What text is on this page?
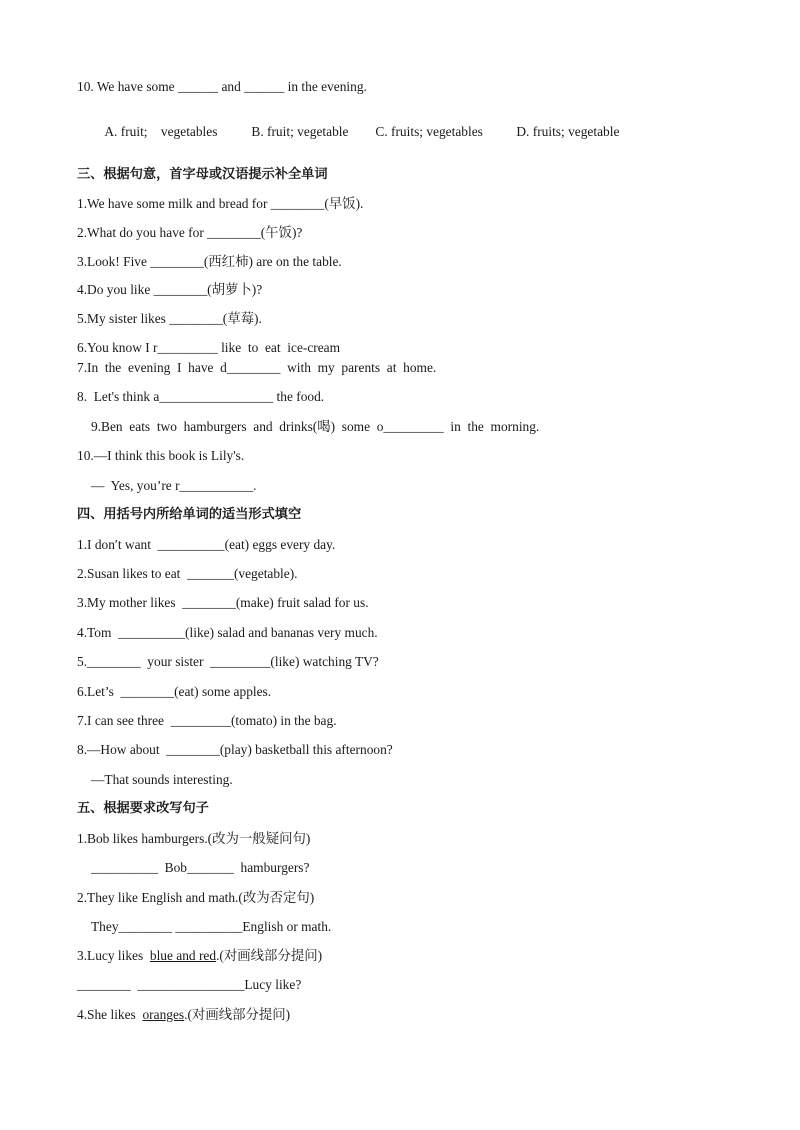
10. We have some ______ and ______ in the evening.

A. fruit;    vegetables	B. fruit; vegetable C. fruits; vegetables	D. fruits; vegetable

三、根据句意，首字母或汉语提示补全单词
1.We have some milk and bread for ________(早饭).
2.What do you have for ________(午饭)?
3.Look! Five ________(西红柿) are on the table.
4.Do you like ________(胡萝卜)?
5.My sister likes ________(草莓).
6.You know I r_________ like  to  eat  ice-cream
7.In  the  evening  I  have  d________  with  my  parents  at  home.
8.  Let's think a_________________ the food.
9.Ben  eats  two  hamburgers  and  drinks(喝)  some  o_________  in  the  morning.
10.—I think this book is Lily's.
—  Yes, you’re r___________.
四、用括号内所给单词的适当形式填空
1.I don′t want  __________(eat) eggs every day.
2.Susan likes to eat  _______(vegetable).
3.My mother likes  ________(make) fruit salad for us.
4.Tom  __________(like) salad and bananas very much.
5.________  your sister  _________(like) watching TV?
6.Let’s  ________(eat) some apples.
7.I can see three  _________(tomato) in the bag.
8.—How about  ________(play) basketball this afternoon?
—That sounds interesting.
五、根据要求改写句子
1.Bob likes hamburgers.(改为一般疑问句)
__________  Bob_______  hamburgers?
2.They like English and math.(改为否定句)
They________ __________English or math.
3.Lucy likes  blue and red.(对画线部分提问)
________  ________________Lucy like?
4.She likes  oranges.(对画线部分提问)
